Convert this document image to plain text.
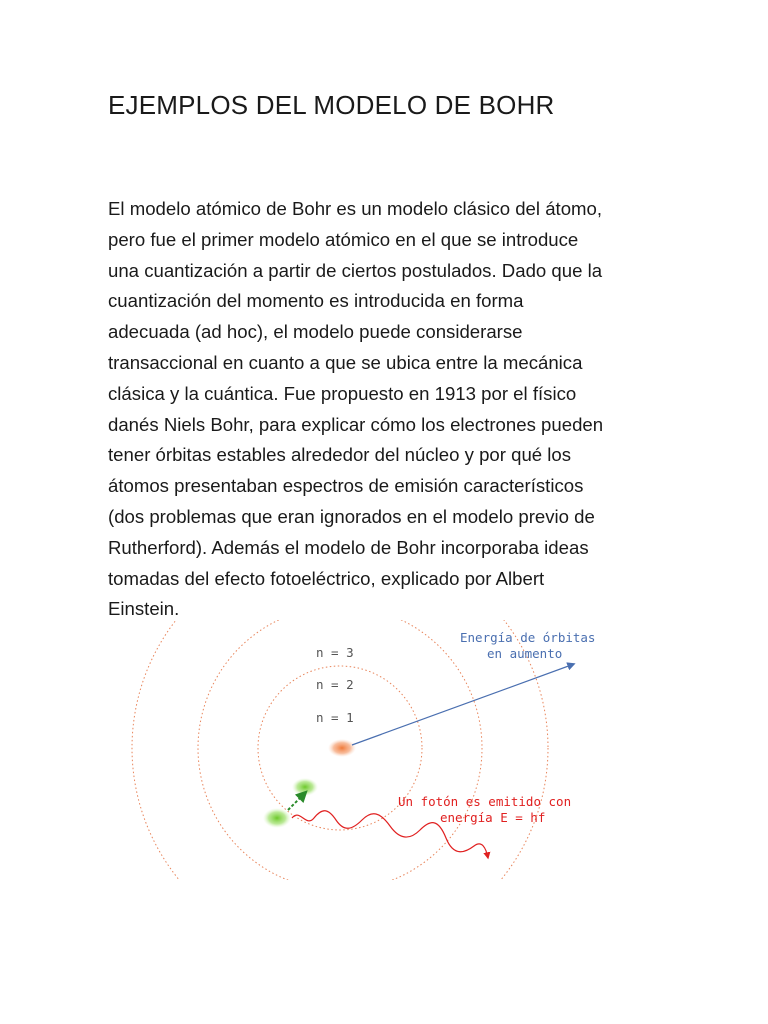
EJEMPLOS DEL MODELO DE BOHR

El modelo atómico de Bohr es un modelo clásico del átomo,
pero fue el primer modelo atómico en el que se introduce
una cuantización a partir de ciertos postulados. Dado que la
cuantización del momento es introducida en forma
adecuada (ad hoc), el modelo puede considerarse
transaccional en cuanto a que se ubica entre la mecánica
clásica y la cuántica. Fue propuesto en 1913 por el físico
danés Niels Bohr, para explicar cómo los electrones pueden
tener órbitas estables alrededor del núcleo y por qué los
átomos presentaban espectros de emisión característicos
(dos problemas que eran ignorados en el modelo previo de
Rutherford). Además el modelo de Bohr incorporaba ideas
tomadas del efecto fotoeléctrico, explicado por Albert
Einstein.

n = 3
n = 2
n = 1
Energía de órbitas
en aumento
Un fotón es emitido con
energía E = hf
